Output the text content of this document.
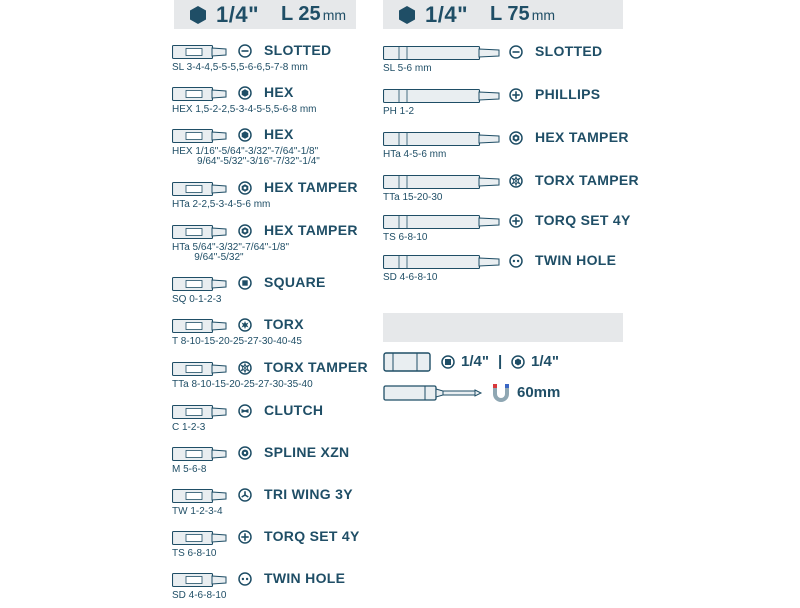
1/4" L 25 mm	1/4" L 75 mm
SLOTTED
SL 3-4-4,5-5-5,5-6-6,5-7-8 mm
HEX
HEX 1,5-2-2,5-3-4-5-5,5-6-8 mm
HEX
HEX 1/16"-5/64"-3/32"-7/64"-1/8"
9/64"-5/32"-3/16"-7/32"-1/4"
HEX TAMPER
HTa 2-2,5-3-4-5-6 mm
HEX TAMPER
HTa 5/64"-3/32"-7/64"-1/8"
9/64"-5/32"
SQUARE
SQ 0-1-2-3
TORX
T 8-10-15-20-25-27-30-40-45
TORX TAMPER
TTa 8-10-15-20-25-27-30-35-40
CLUTCH
C 1-2-3
SPLINE XZN
M 5-6-8
TRI WING 3Y
TW 1-2-3-4
TORQ SET 4Y
TS 6-8-10
TWIN HOLE
SD 4-6-8-10
SLOTTED
SL 5-6 mm
PHILLIPS
PH 1-2
HEX TAMPER
HTa 4-5-6 mm
TORX TAMPER
TTa 15-20-30
TORQ SET 4Y
TS 6-8-10
TWIN HOLE
SD 4-6-8-10
1/4" | 1/4"
60mm
